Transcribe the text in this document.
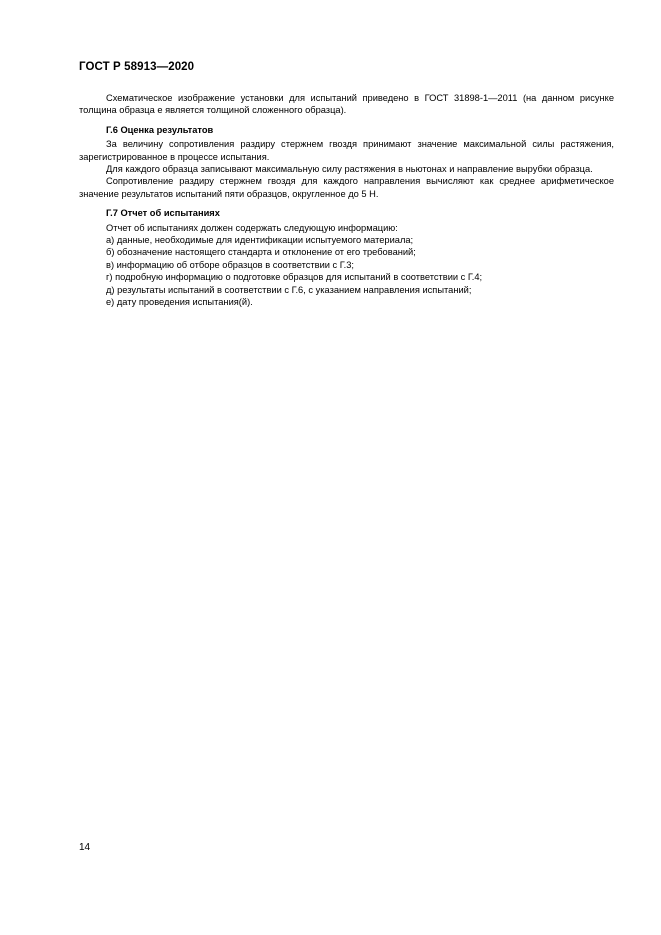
ГОСТ Р 58913—2020

Схематическое изображение установки для испытаний приведено в ГОСТ 31898-1—2011 (на данном рисунке толщина образца е является толщиной сложенного образца).

Г.6 Оценка результатов

За величину сопротивления раздиру стержнем гвоздя принимают значение максимальной силы растяжения, зарегистрированное в процессе испытания.

Для каждого образца записывают максимальную силу растяжения в ньютонах и направление вырубки образца.

Сопротивление раздиру стержнем гвоздя для каждого направления вычисляют как среднее арифметическое значение результатов испытаний пяти образцов, округленное до 5 Н.

Г.7 Отчет об испытаниях

Отчет об испытаниях должен содержать следующую информацию:

а) данные, необходимые для идентификации испытуемого материала;
б) обозначение настоящего стандарта и отклонение от его требований;
в) информацию об отборе образцов в соответствии с Г.3;
г) подробную информацию о подготовке образцов для испытаний в соответствии с Г.4;
д) результаты испытаний в соответствии с Г.6, с указанием направления испытаний;
е) дату проведения испытания(й).
14
